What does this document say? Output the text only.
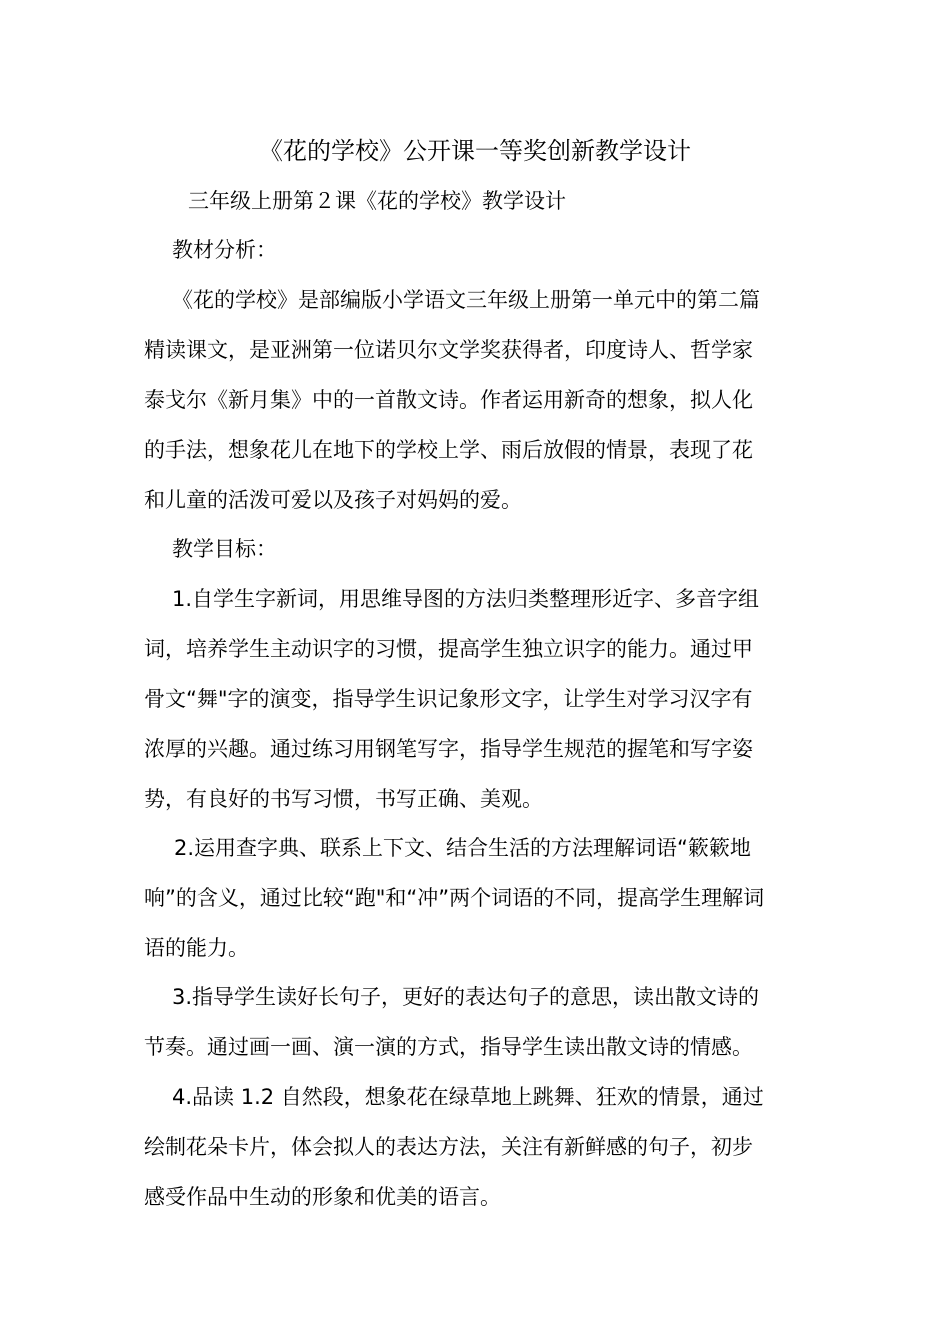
《花的学校》公开课一等奖创新教学设计
三年级上册第２课《花的学校》教学设计
教材分析：
《花的学校》是部编版小学语文三年级上册第一单元中的第二篇
精读课文，是亚洲第一位诺贝尔文学奖获得者，印度诗人、哲学家
泰戈尔《新月集》中的一首散文诗。作者运用新奇的想象，拟人化
的手法，想象花儿在地下的学校上学、雨后放假的情景，表现了花
和儿童的活泼可爱以及孩子对妈妈的爱。
教学目标：
1.自学生字新词，用思维导图的方法归类整理形近字、多音字组
词，培养学生主动识字的习惯，提高学生独立识字的能力。通过甲
骨文“舞"字的演变，指导学生识记象形文字，让学生对学习汉字有
浓厚的兴趣。通过练习用钢笔写字，指导学生规范的握笔和写字姿
势，有良好的书写习惯，书写正确、美观。
2.运用查字典、联系上下文、结合生活的方法理解词语“簌簌地
响”的含义，通过比较“跑"和“冲”两个词语的不同，提高学生理解词
语的能力。
3.指导学生读好长句子，更好的表达句子的意思，读出散文诗的
节奏。通过画一画、演一演的方式，指导学生读出散文诗的情感。
4.品读 1.2 自然段，想象花在绿草地上跳舞、狂欢的情景，通过
绘制花朵卡片，体会拟人的表达方法，关注有新鲜感的句子，初步
感受作品中生动的形象和优美的语言。
